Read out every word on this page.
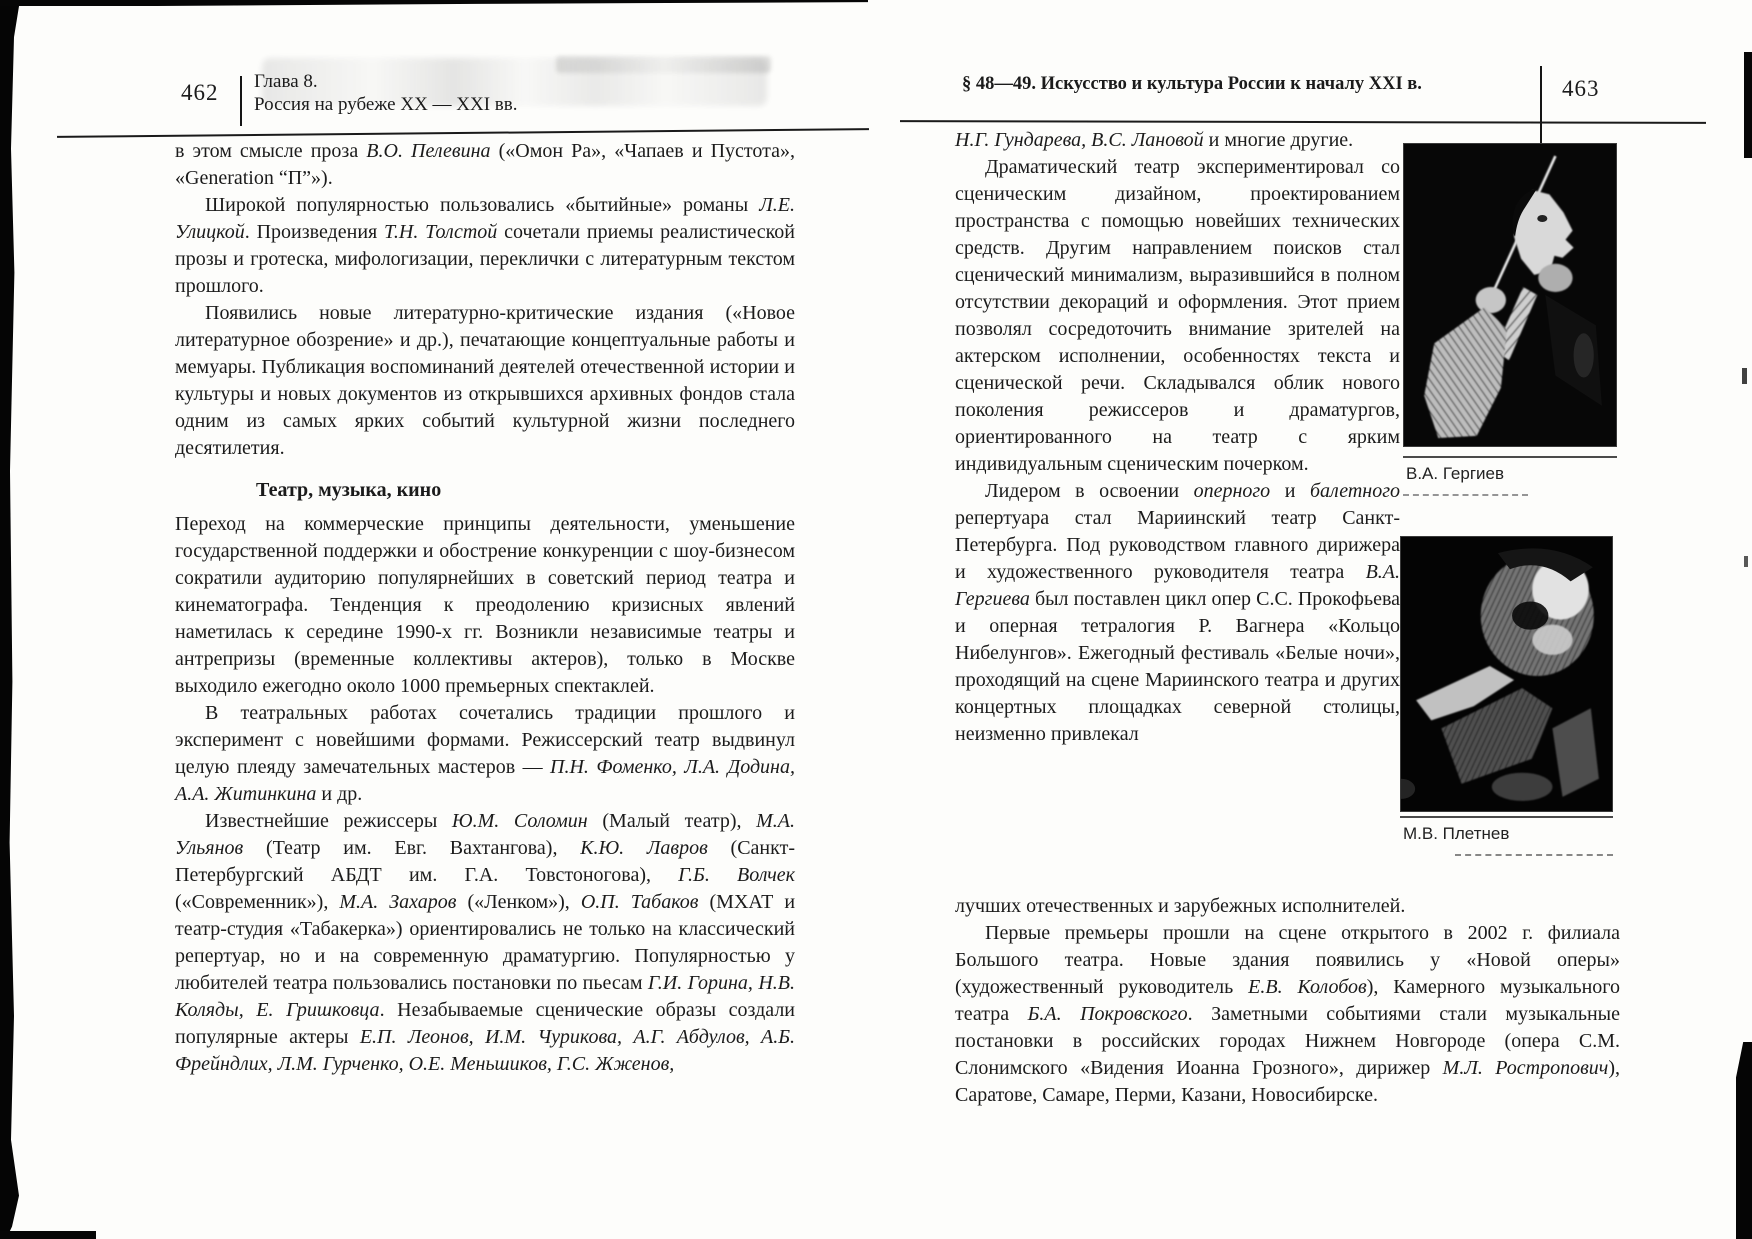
462 Глава 8.
Россия на рубеже XX — XXI вв.
§ 48—49. Искусство и культура России к началу XXI в.	463

в этом смысле проза В.О. Пелевина («Омон Ра», «Чапаев и Пустота», «Generation “П”»).

Широкой популярностью пользовались «бытийные» романы Л.Е. Улицкой. Произведения Т.Н. Толстой сочетали приемы реалистической прозы и гротеска, мифологизации, переклички с литературным текстом прошлого.

Появились новые литературно-критические издания («Новое литературное обозрение» и др.), печатающие концептуальные работы и мемуары. Публикация воспоминаний деятелей отечественной истории и культуры и новых документов из открывшихся архивных фондов стала одним из самых ярких событий культурной жизни последнего десятилетия.

Театр, музыка, кино

Переход на коммерческие принципы деятельности, уменьшение государственной поддержки и обострение конкуренции с шоу-бизнесом сократили аудиторию популярнейших в советский период театра и кинематографа. Тенденция к преодолению кризисных явлений наметилась к середине 1990-х гг. Возникли независимые театры и антрепризы (временные коллективы актеров), только в Москве выходило ежегодно около 1000 премьерных спектаклей.

В театральных работах сочетались традиции прошлого и эксперимент с новейшими формами. Режиссерский театр выдвинул целую плеяду замечательных мастеров — П.Н. Фоменко, Л.А. Додина, А.А. Житинкина и др.

Известнейшие режиссеры Ю.М. Соломин (Малый театр), М.А. Ульянов (Театр им. Евг. Вахтангова), К.Ю. Лавров (Санкт-Петербургский АБДТ им. Г.А. Товстоногова), Г.Б. Волчек («Современник»), М.А. Захаров («Ленком»), О.П. Табаков (МХАТ и театр-студия «Табакерка») ориентировались не только на классический репертуар, но и на современную драматургию. Популярностью у любителей театра пользовались постановки по пьесам Г.И. Горина, Н.В. Коляды, Е. Гришковца. Незабываемые сценические образы создали популярные актеры Е.П. Леонов, И.М. Чурикова, А.Г. Абдулов, А.Б. Фрейндлих, Л.М. Гурченко, О.Е. Меньшиков, Г.С. Жженов,

Н.Г. Гундарева, В.С. Лановой и многие другие.

Драматический театр экспериментировал со сценическим дизайном, проектированием пространства с помощью новейших технических средств. Другим направлением поисков стал сценический минимализм, выразившийся в полном отсутствии декораций и оформления. Этот прием позволял сосредоточить внимание зрителей на актерском исполнении, особенностях текста и сценической речи. Складывался облик нового поколения режиссеров и драматургов, ориентированного на театр с ярким индивидуальным сценическим почерком.

Лидером в освоении оперного и балетного репертуара стал Мариинский театр Санкт-Петербурга. Под руководством главного дирижера и художественного руководителя театра В.А. Гергиева был поставлен цикл опер С.С. Прокофьева и оперная тетралогия Р. Вагнера «Кольцо Нибелунгов». Ежегодный фестиваль «Белые ночи», проходящий на сцене Мариинского театра и других концертных площадках северной столицы, неизменно привлекал

лучших отечественных и зарубежных исполнителей.

Первые премьеры прошли на сцене открытого в 2002 г. филиала Большого театра. Новые здания появились у «Новой оперы» (художественный руководитель Е.В. Колобов), Камерного музыкального театра Б.А. Покровского. Заметными событиями стали музыкальные постановки в российских городах Нижнем Новгороде (опера С.М. Слонимского «Видения Иоанна Грозного», дирижер М.Л. Ростропович), Саратове, Самаре, Перми, Казани, Новосибирске.

В.А. Гергиев
М.В. Плетнев
